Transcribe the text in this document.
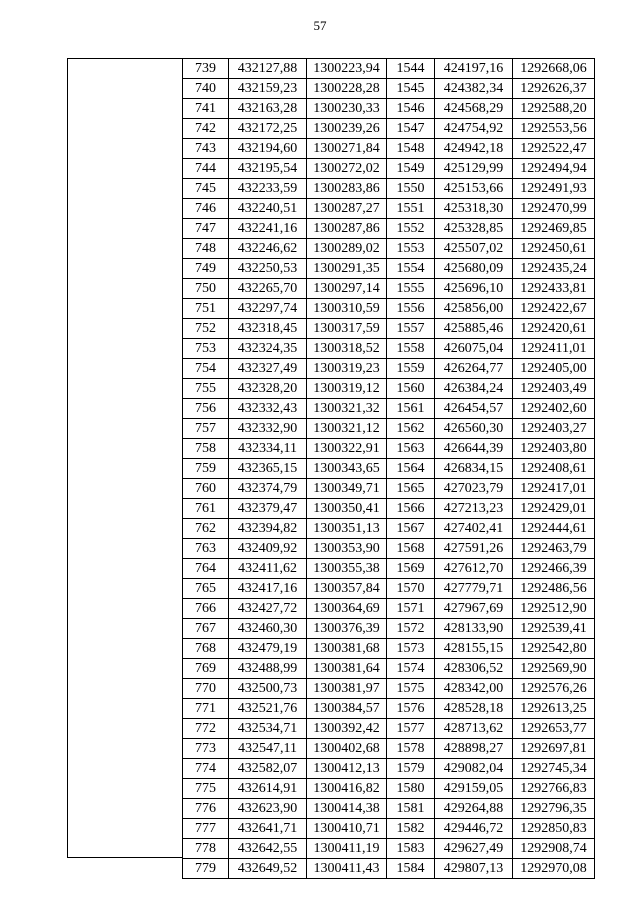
57
739	432127,88	1300223,94	1544	424197,16	1292668,06
740	432159,23	1300228,28	1545	424382,34	1292626,37
741	432163,28	1300230,33	1546	424568,29	1292588,20
742	432172,25	1300239,26	1547	424754,92	1292553,56
743	432194,60	1300271,84	1548	424942,18	1292522,47
744	432195,54	1300272,02	1549	425129,99	1292494,94
745	432233,59	1300283,86	1550	425153,66	1292491,93
746	432240,51	1300287,27	1551	425318,30	1292470,99
747	432241,16	1300287,86	1552	425328,85	1292469,85
748	432246,62	1300289,02	1553	425507,02	1292450,61
749	432250,53	1300291,35	1554	425680,09	1292435,24
750	432265,70	1300297,14	1555	425696,10	1292433,81
751	432297,74	1300310,59	1556	425856,00	1292422,67
752	432318,45	1300317,59	1557	425885,46	1292420,61
753	432324,35	1300318,52	1558	426075,04	1292411,01
754	432327,49	1300319,23	1559	426264,77	1292405,00
755	432328,20	1300319,12	1560	426384,24	1292403,49
756	432332,43	1300321,32	1561	426454,57	1292402,60
757	432332,90	1300321,12	1562	426560,30	1292403,27
758	432334,11	1300322,91	1563	426644,39	1292403,80
759	432365,15	1300343,65	1564	426834,15	1292408,61
760	432374,79	1300349,71	1565	427023,79	1292417,01
761	432379,47	1300350,41	1566	427213,23	1292429,01
762	432394,82	1300351,13	1567	427402,41	1292444,61
763	432409,92	1300353,90	1568	427591,26	1292463,79
764	432411,62	1300355,38	1569	427612,70	1292466,39
765	432417,16	1300357,84	1570	427779,71	1292486,56
766	432427,72	1300364,69	1571	427967,69	1292512,90
767	432460,30	1300376,39	1572	428133,90	1292539,41
768	432479,19	1300381,68	1573	428155,15	1292542,80
769	432488,99	1300381,64	1574	428306,52	1292569,90
770	432500,73	1300381,97	1575	428342,00	1292576,26
771	432521,76	1300384,57	1576	428528,18	1292613,25
772	432534,71	1300392,42	1577	428713,62	1292653,77
773	432547,11	1300402,68	1578	428898,27	1292697,81
774	432582,07	1300412,13	1579	429082,04	1292745,34
775	432614,91	1300416,82	1580	429159,05	1292766,83
776	432623,90	1300414,38	1581	429264,88	1292796,35
777	432641,71	1300410,71	1582	429446,72	1292850,83
778	432642,55	1300411,19	1583	429627,49	1292908,74
779	432649,52	1300411,43	1584	429807,13	1292970,08
